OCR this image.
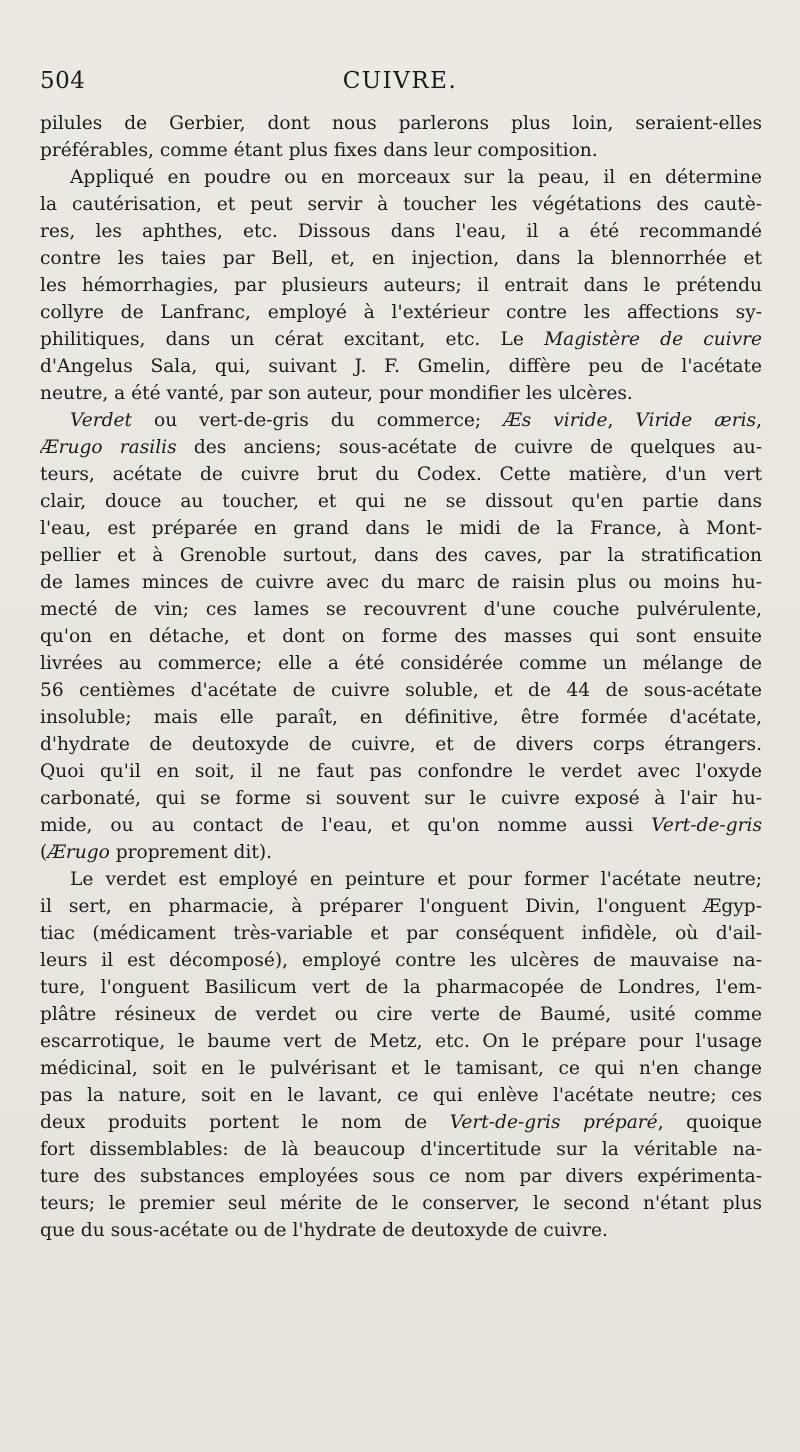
504	CUIVRE.
pilules de Gerbier, dont nous parlerons plus loin, seraient-elles
préférables, comme étant plus fixes dans leur composition.
Appliqué en poudre ou en morceaux sur la peau, il en détermine
la cautérisation, et peut servir à toucher les végétations des cautè-
res, les aphthes, etc. Dissous dans l'eau, il a été recommandé
contre les taies par Bell, et, en injection, dans la blennorrhée et
les hémorrhagies, par plusieurs auteurs; il entrait dans le prétendu
collyre de Lanfranc, employé à l'extérieur contre les affections sy-
philitiques, dans un cérat excitant, etc. Le Magistère de cuivre
d'Angelus Sala, qui, suivant J. F. Gmelin, diffère peu de l'acétate
neutre, a été vanté, par son auteur, pour mondifier les ulcères.
Verdet ou vert-de-gris du commerce; Æs viride, Viride æris,
Ærugo rasilis des anciens; sous-acétate de cuivre de quelques au-
teurs, acétate de cuivre brut du Codex. Cette matière, d'un vert
clair, douce au toucher, et qui ne se dissout qu'en partie dans
l'eau, est préparée en grand dans le midi de la France, à Mont-
pellier et à Grenoble surtout, dans des caves, par la stratification
de lames minces de cuivre avec du marc de raisin plus ou moins hu-
mecté de vin; ces lames se recouvrent d'une couche pulvérulente,
qu'on en détache, et dont on forme des masses qui sont ensuite
livrées au commerce; elle a été considérée comme un mélange de
56 centièmes d'acétate de cuivre soluble, et de 44 de sous-acétate
insoluble; mais elle paraît, en définitive, être formée d'acétate,
d'hydrate de deutoxyde de cuivre, et de divers corps étrangers.
Quoi qu'il en soit, il ne faut pas confondre le verdet avec l'oxyde
carbonaté, qui se forme si souvent sur le cuivre exposé à l'air hu-
mide, ou au contact de l'eau, et qu'on nomme aussi Vert-de-gris
(Ærugo proprement dit).
Le verdet est employé en peinture et pour former l'acétate neutre;
il sert, en pharmacie, à préparer l'onguent Divin, l'onguent Ægyp-
tiac (médicament très-variable et par conséquent infidèle, où d'ail-
leurs il est décomposé), employé contre les ulcères de mauvaise na-
ture, l'onguent Basilicum vert de la pharmacopée de Londres, l'em-
plâtre résineux de verdet ou cire verte de Baumé, usité comme
escarrotique, le baume vert de Metz, etc. On le prépare pour l'usage
médicinal, soit en le pulvérisant et le tamisant, ce qui n'en change
pas la nature, soit en le lavant, ce qui enlève l'acétate neutre; ces
deux produits portent le nom de Vert-de-gris préparé, quoique
fort dissemblables: de là beaucoup d'incertitude sur la véritable na-
ture des substances employées sous ce nom par divers expérimenta-
teurs; le premier seul mérite de le conserver, le second n'étant plus
que du sous-acétate ou de l'hydrate de deutoxyde de cuivre.
